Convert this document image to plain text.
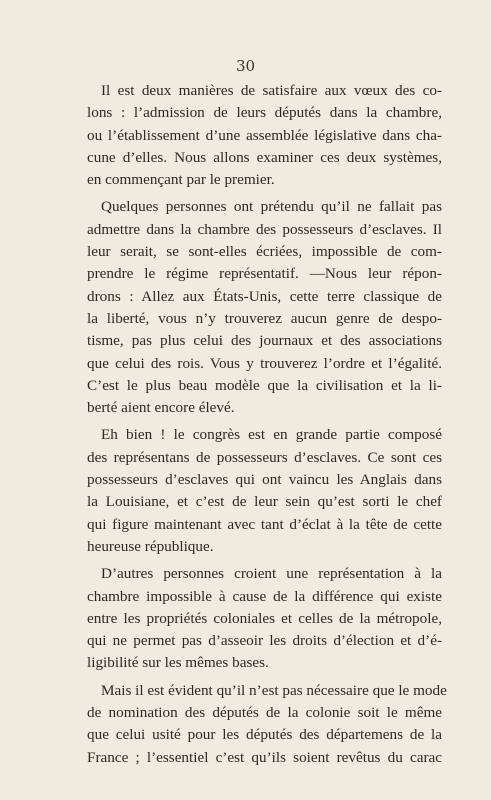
30
Il est deux manières de satisfaire aux vœux des co-
lons : l’admission de leurs députés dans la chambre,
ou l’établissement d’une assemblée législative dans cha-
cune d’elles. Nous allons examiner ces deux systèmes,
en commençant par le premier.
Quelques personnes ont prétendu qu’il ne fallait pas
admettre dans la chambre des possesseurs d’esclaves. Il
leur serait, se sont-elles écriées, impossible de com-
prendre le régime représentatif. —Nous leur répon-
drons : Allez aux États-Unis, cette terre classique de
la liberté, vous n’y trouverez aucun genre de despo-
tisme, pas plus celui des journaux et des associations
que celui des rois. Vous y trouverez l’ordre et l’égalité.
C’est le plus beau modèle que la civilisation et la li-
berté aient encore élevé.
Eh bien ! le congrès est en grande partie composé
des représentans de possesseurs d’esclaves. Ce sont ces
possesseurs d’esclaves qui ont vaincu les Anglais dans
la Louisiane, et c’est de leur sein qu’est sorti le chef
qui figure maintenant avec tant d’éclat à la tête de cette
heureuse république.
D’autres personnes croient une représentation à la
chambre impossible à cause de la différence qui existe
entre les propriétés coloniales et celles de la métropole,
qui ne permet pas d’asseoir les droits d’élection et d’é-
ligibilité sur les mêmes bases.
Mais il est évident qu’il n’est pas nécessaire que le mode
de nomination des députés de la colonie soit le même
que celui usité pour les députés des départemens de la
France ; l’essentiel c’est qu’ils soient revêtus du carac
